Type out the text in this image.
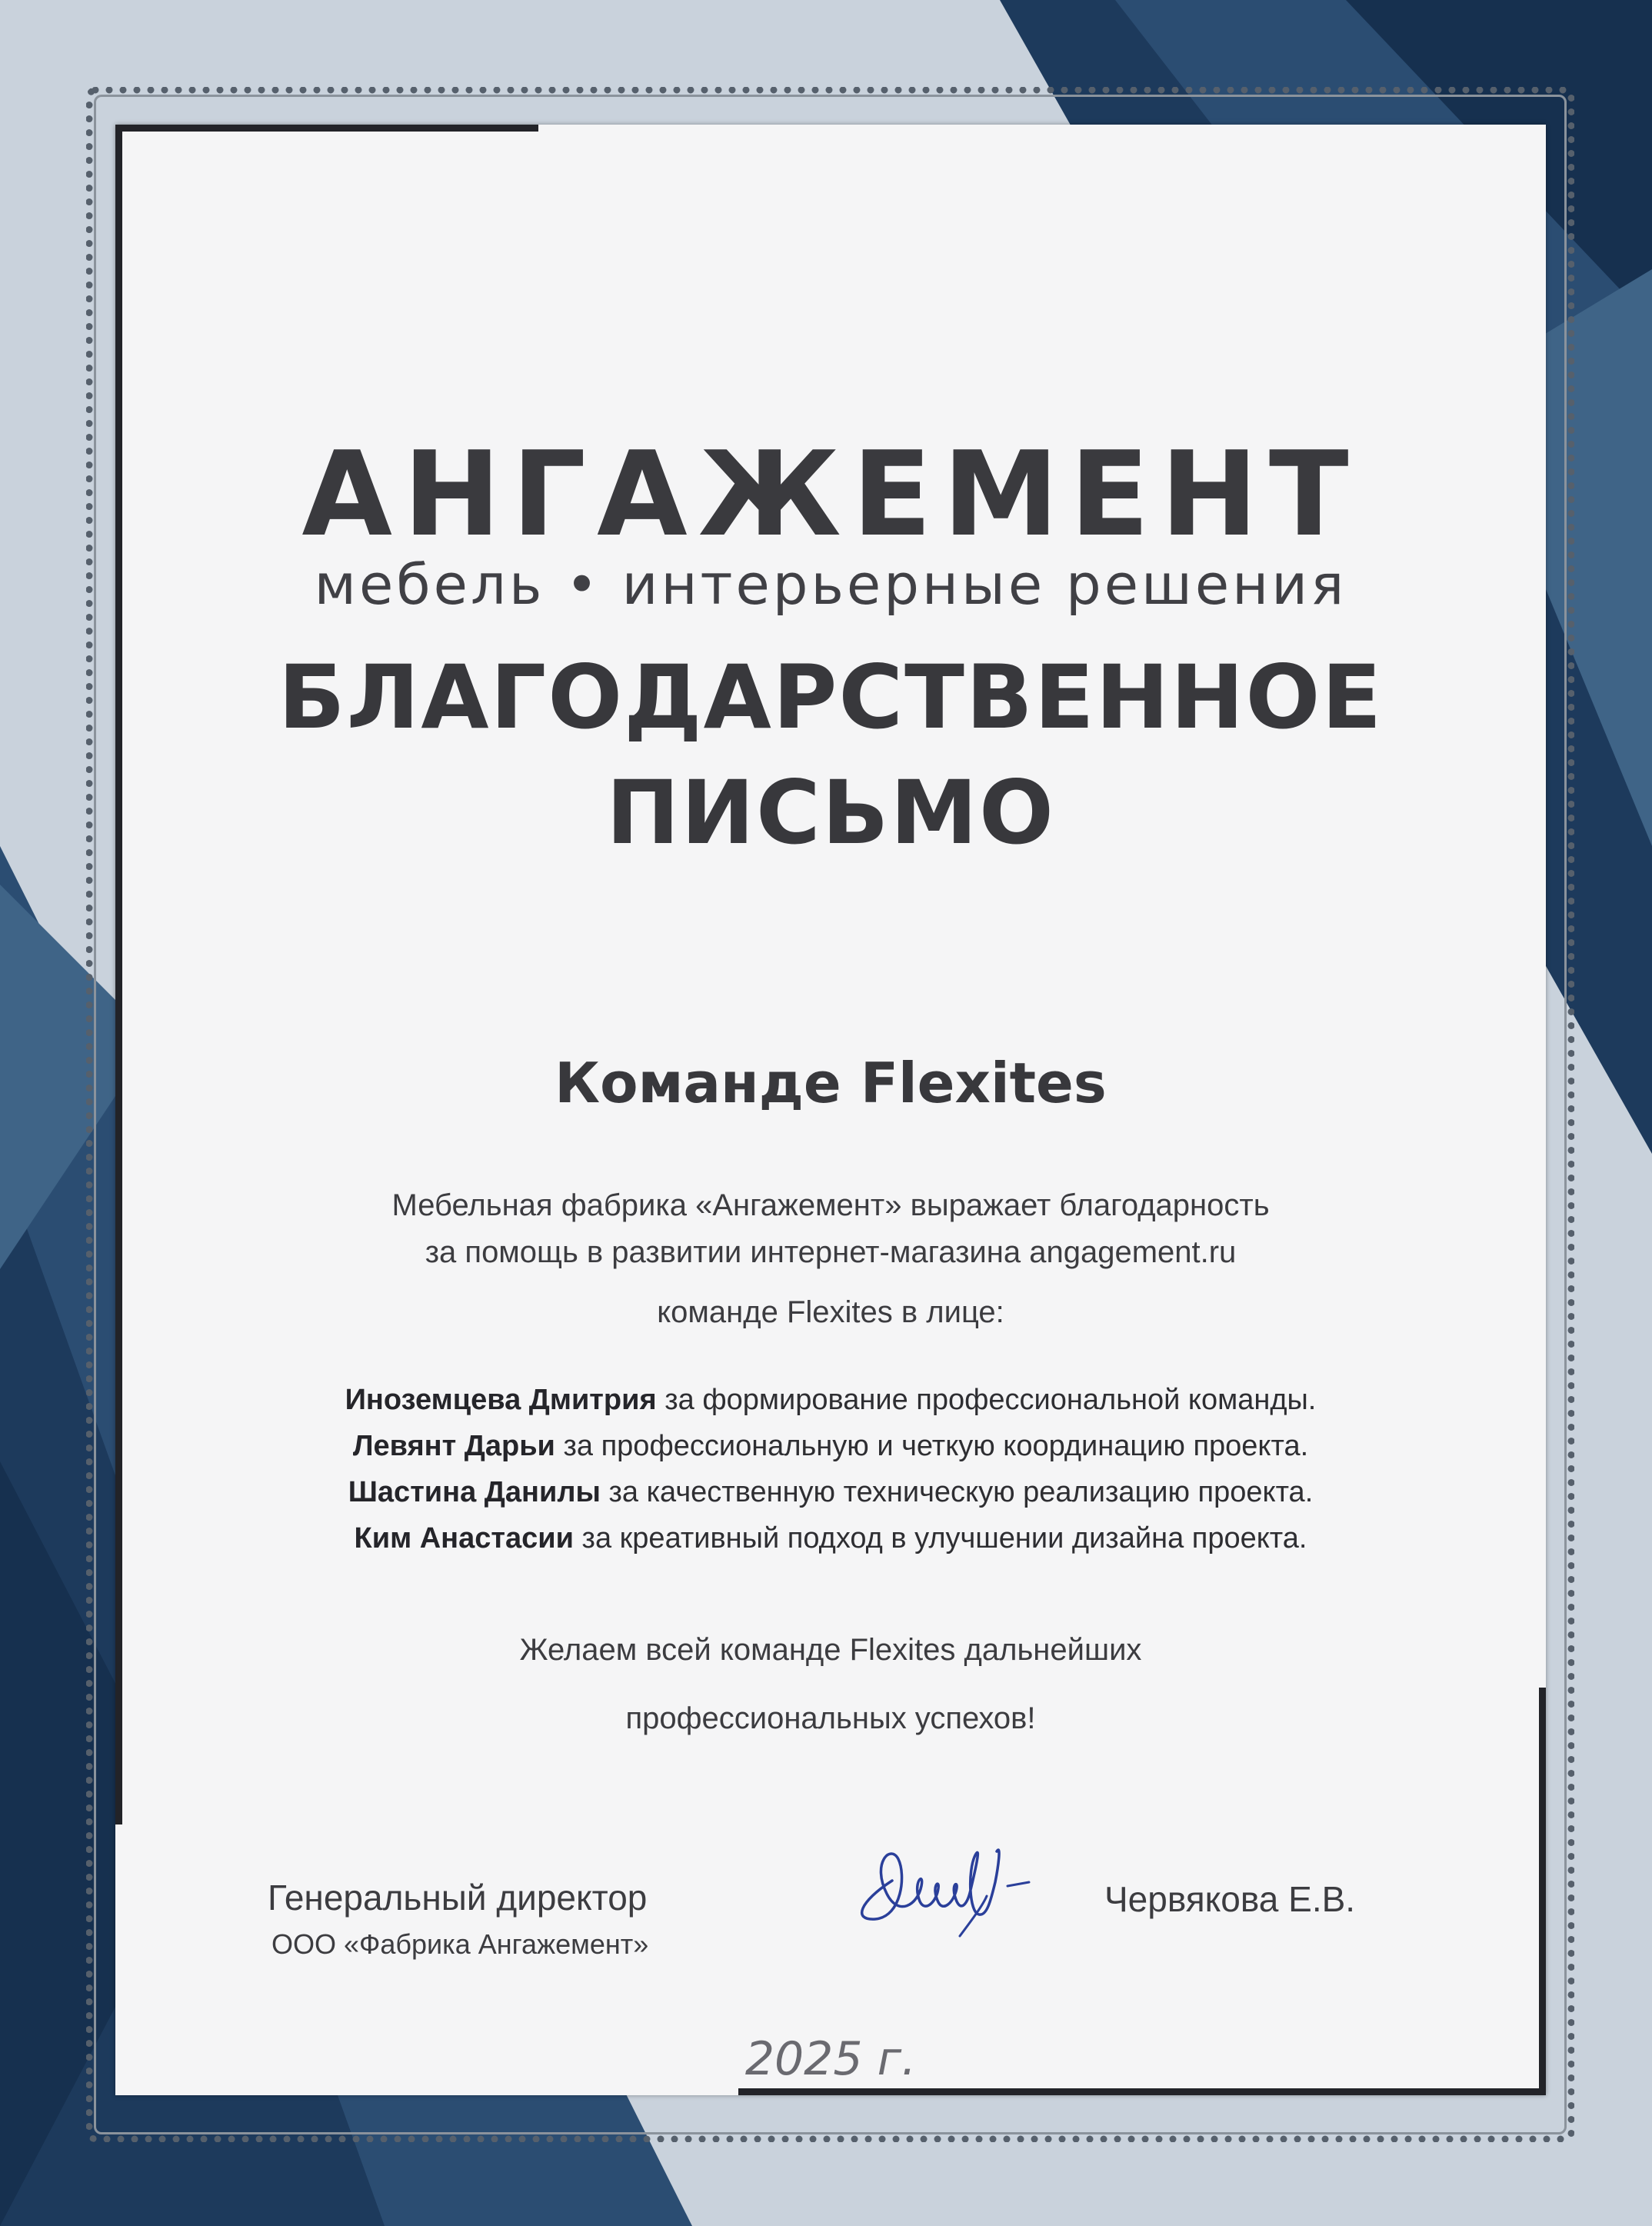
АНГАЖЕМЕНТ
мебель • интерьерные решения
БЛАГОДАРСТВЕННОЕ
ПИСЬМО
Команде Flexites
Мебельная фабрика «Ангажемент» выражает благодарность
за помощь в развитии интернет-магазина angagement.ru
команде Flexites в лице:
Иноземцева Дмитрия за формирование профессиональной команды.
Левянт Дарьи за профессиональную и четкую координацию проекта.
Шастина Данилы за качественную техническую реализацию проекта.
Ким Анастасии за креативный подход в улучшении дизайна проекта.
Желаем всей команде Flexites дальнейших
профессиональных успехов!
Генеральный директор
ООО «Фабрика Ангажемент»
Червякова Е.В.
2025 г.
